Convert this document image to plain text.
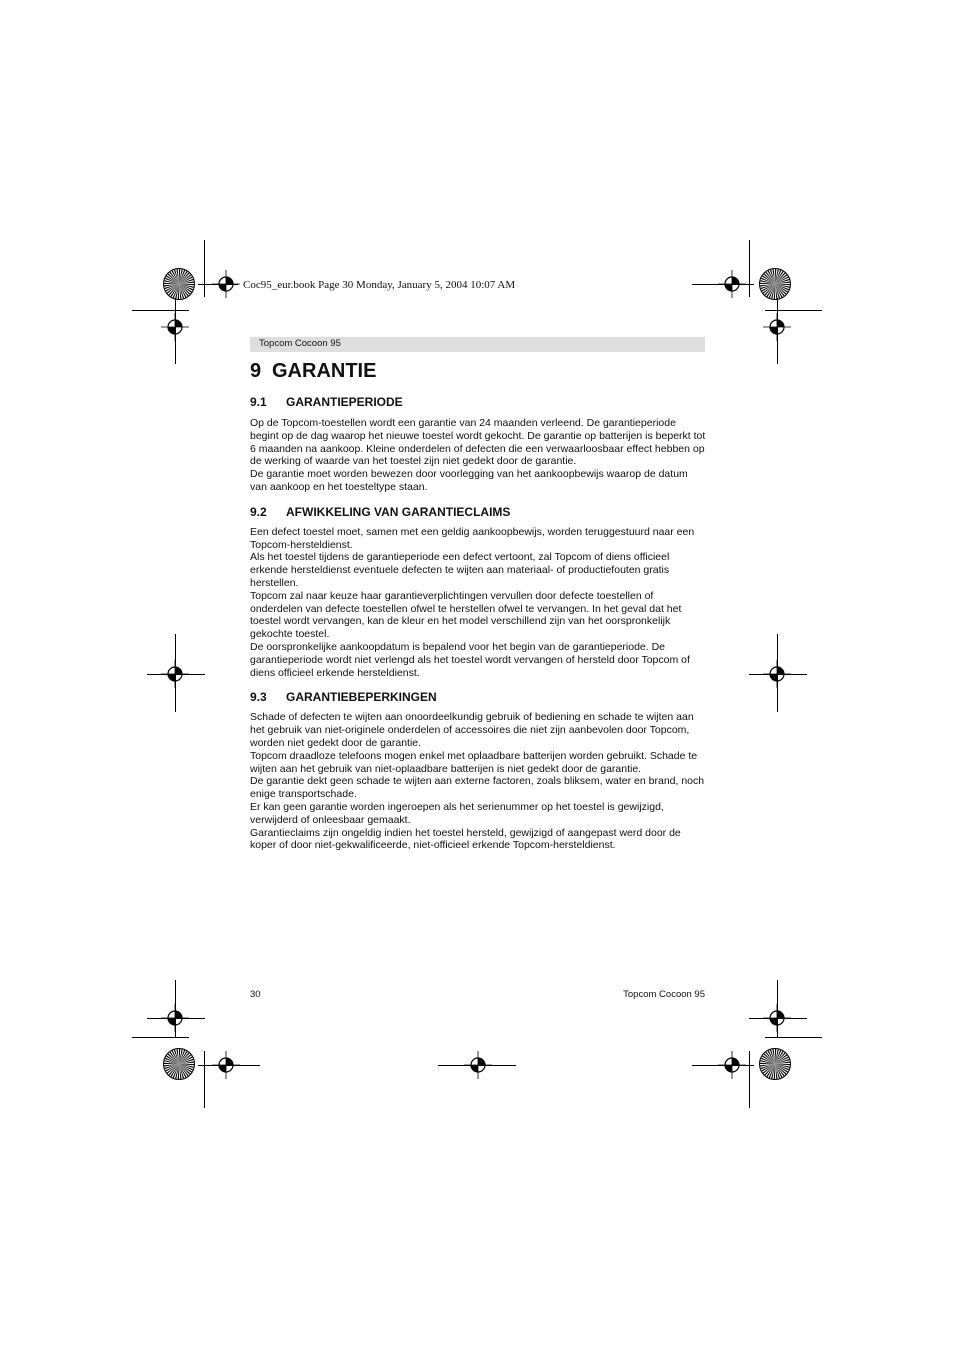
Coc95_eur.book Page 30 Monday, January 5, 2004 10:07 AM
Topcom Cocoon 95
9 GARANTIE
9.1 GARANTIEPERIODE

Op de Topcom-toestellen wordt een garantie van 24 maanden verleend. De garantieperiode begint op de dag waarop het nieuwe toestel wordt gekocht. De garantie op batterijen is beperkt tot 6 maanden na aankoop. Kleine onderdelen of defecten die een verwaarloosbaar effect hebben op de werking of waarde van het toestel zijn niet gedekt door de garantie.

De garantie moet worden bewezen door voorlegging van het aankoopbewijs waarop de datum van aankoop en het toesteltype staan.

9.2 AFWIKKELING VAN GARANTIECLAIMS

Een defect toestel moet, samen met een geldig aankoopbewijs, worden teruggestuurd naar een Topcom-hersteldienst.

Als het toestel tijdens de garantieperiode een defect vertoont, zal Topcom of diens officieel erkende hersteldienst eventuele defecten te wijten aan materiaal- of productiefouten gratis herstellen.

Topcom zal naar keuze haar garantieverplichtingen vervullen door defecte toestellen of onderdelen van defecte toestellen ofwel te herstellen ofwel te vervangen. In het geval dat het toestel wordt vervangen, kan de kleur en het model verschillend zijn van het oorspronkelijk gekochte toestel.

De oorspronkelijke aankoopdatum is bepalend voor het begin van de garantieperiode. De garantieperiode wordt niet verlengd als het toestel wordt vervangen of hersteld door Topcom of diens officieel erkende hersteldienst.

9.3 GARANTIEBEPERKINGEN

Schade of defecten te wijten aan onoordeelkundig gebruik of bediening en schade te wijten aan het gebruik van niet-originele onderdelen of accessoires die niet zijn aanbevolen door Topcom, worden niet gedekt door de garantie.

Topcom draadloze telefoons mogen enkel met oplaadbare batterijen worden gebruikt. Schade te wijten aan het gebruik van niet-oplaadbare batterijen is niet gedekt door de garantie.

De garantie dekt geen schade te wijten aan externe factoren, zoals bliksem, water en brand, noch enige transportschade.

Er kan geen garantie worden ingeroepen als het serienummer op het toestel is gewijzigd, verwijderd of onleesbaar gemaakt.

Garantieclaims zijn ongeldig indien het toestel hersteld, gewijzigd of aangepast werd door de koper of door niet-gekwalificeerde, niet-officieel erkende Topcom-hersteldienst.

30	Topcom Cocoon 95
